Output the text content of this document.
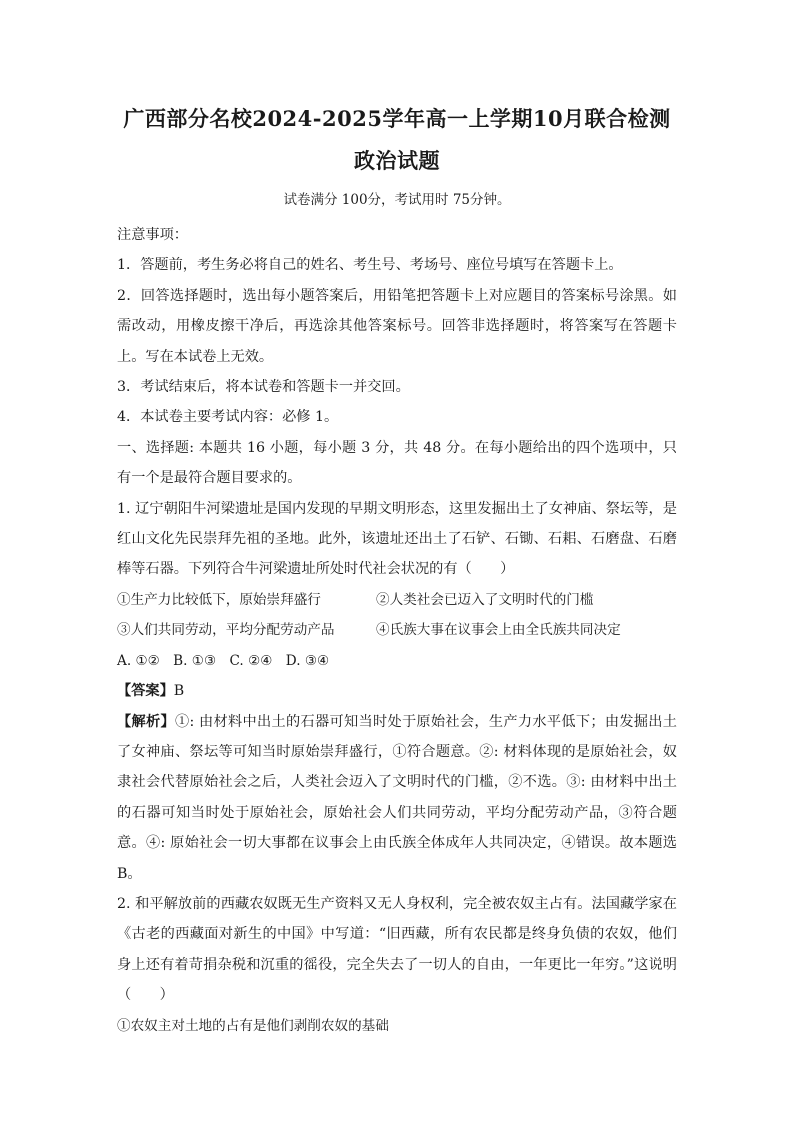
广西部分名校2024-2025学年高一上学期10月联合检测
政治试题
试卷满分 100分，考试用时 75分钟。

注意事项：

1．答题前，考生务必将自己的姓名、考生号、考场号、座位号填写在答题卡上。

2．回答选择题时，选出每小题答案后，用铅笔把答题卡上对应题目的答案标号涂黑。如需改动，用橡皮擦干净后，再选涂其他答案标号。回答非选择题时，将答案写在答题卡上。写在本试卷上无效。

3．考试结束后，将本试卷和答题卡一并交回。

4．本试卷主要考试内容：必修 1。

一、选择题: 本题共 16 小题，每小题 3 分，共 48 分。在每小题给出的四个选项中，只有一个是最符合题目要求的。

1. 辽宁朝阳牛河梁遗址是国内发现的早期文明形态，这里发掘出土了女神庙、祭坛等，是红山文化先民崇拜先祖的圣地。此外，该遗址还出土了石铲、石锄、石耜、石磨盘、石磨棒等石器。下列符合牛河梁遗址所处时代社会状况的有（　　）

①生产力比较低下，原始崇拜盛行	②人类社会已迈入了文明时代的门槛
③人们共同劳动，平均分配劳动产品	④氏族大事在议事会上由全氏族共同决定
A. ①② B. ①③ C. ②④ D. ③④

【答案】B

【解析】①: 由材料中出土的石器可知当时处于原始社会，生产力水平低下；由发掘出土了女神庙、祭坛等可知当时原始崇拜盛行，①符合题意。②: 材料体现的是原始社会，奴隶社会代替原始社会之后，人类社会迈入了文明时代的门槛，②不选。③: 由材料中出土的石器可知当时处于原始社会，原始社会人们共同劳动，平均分配劳动产品，③符合题意。④: 原始社会一切大事都在议事会上由氏族全体成年人共同决定，④错误。故本题选 B。

2. 和平解放前的西藏农奴既无生产资料又无人身权利，完全被农奴主占有。法国藏学家在《古老的西藏面对新生的中国》中写道：“旧西藏，所有农民都是终身负债的农奴，他们身上还有着苛捐杂税和沉重的徭役，完全失去了一切人的自由，一年更比一年穷。”这说明（　　）

①农奴主对土地的占有是他们剥削农奴的基础
